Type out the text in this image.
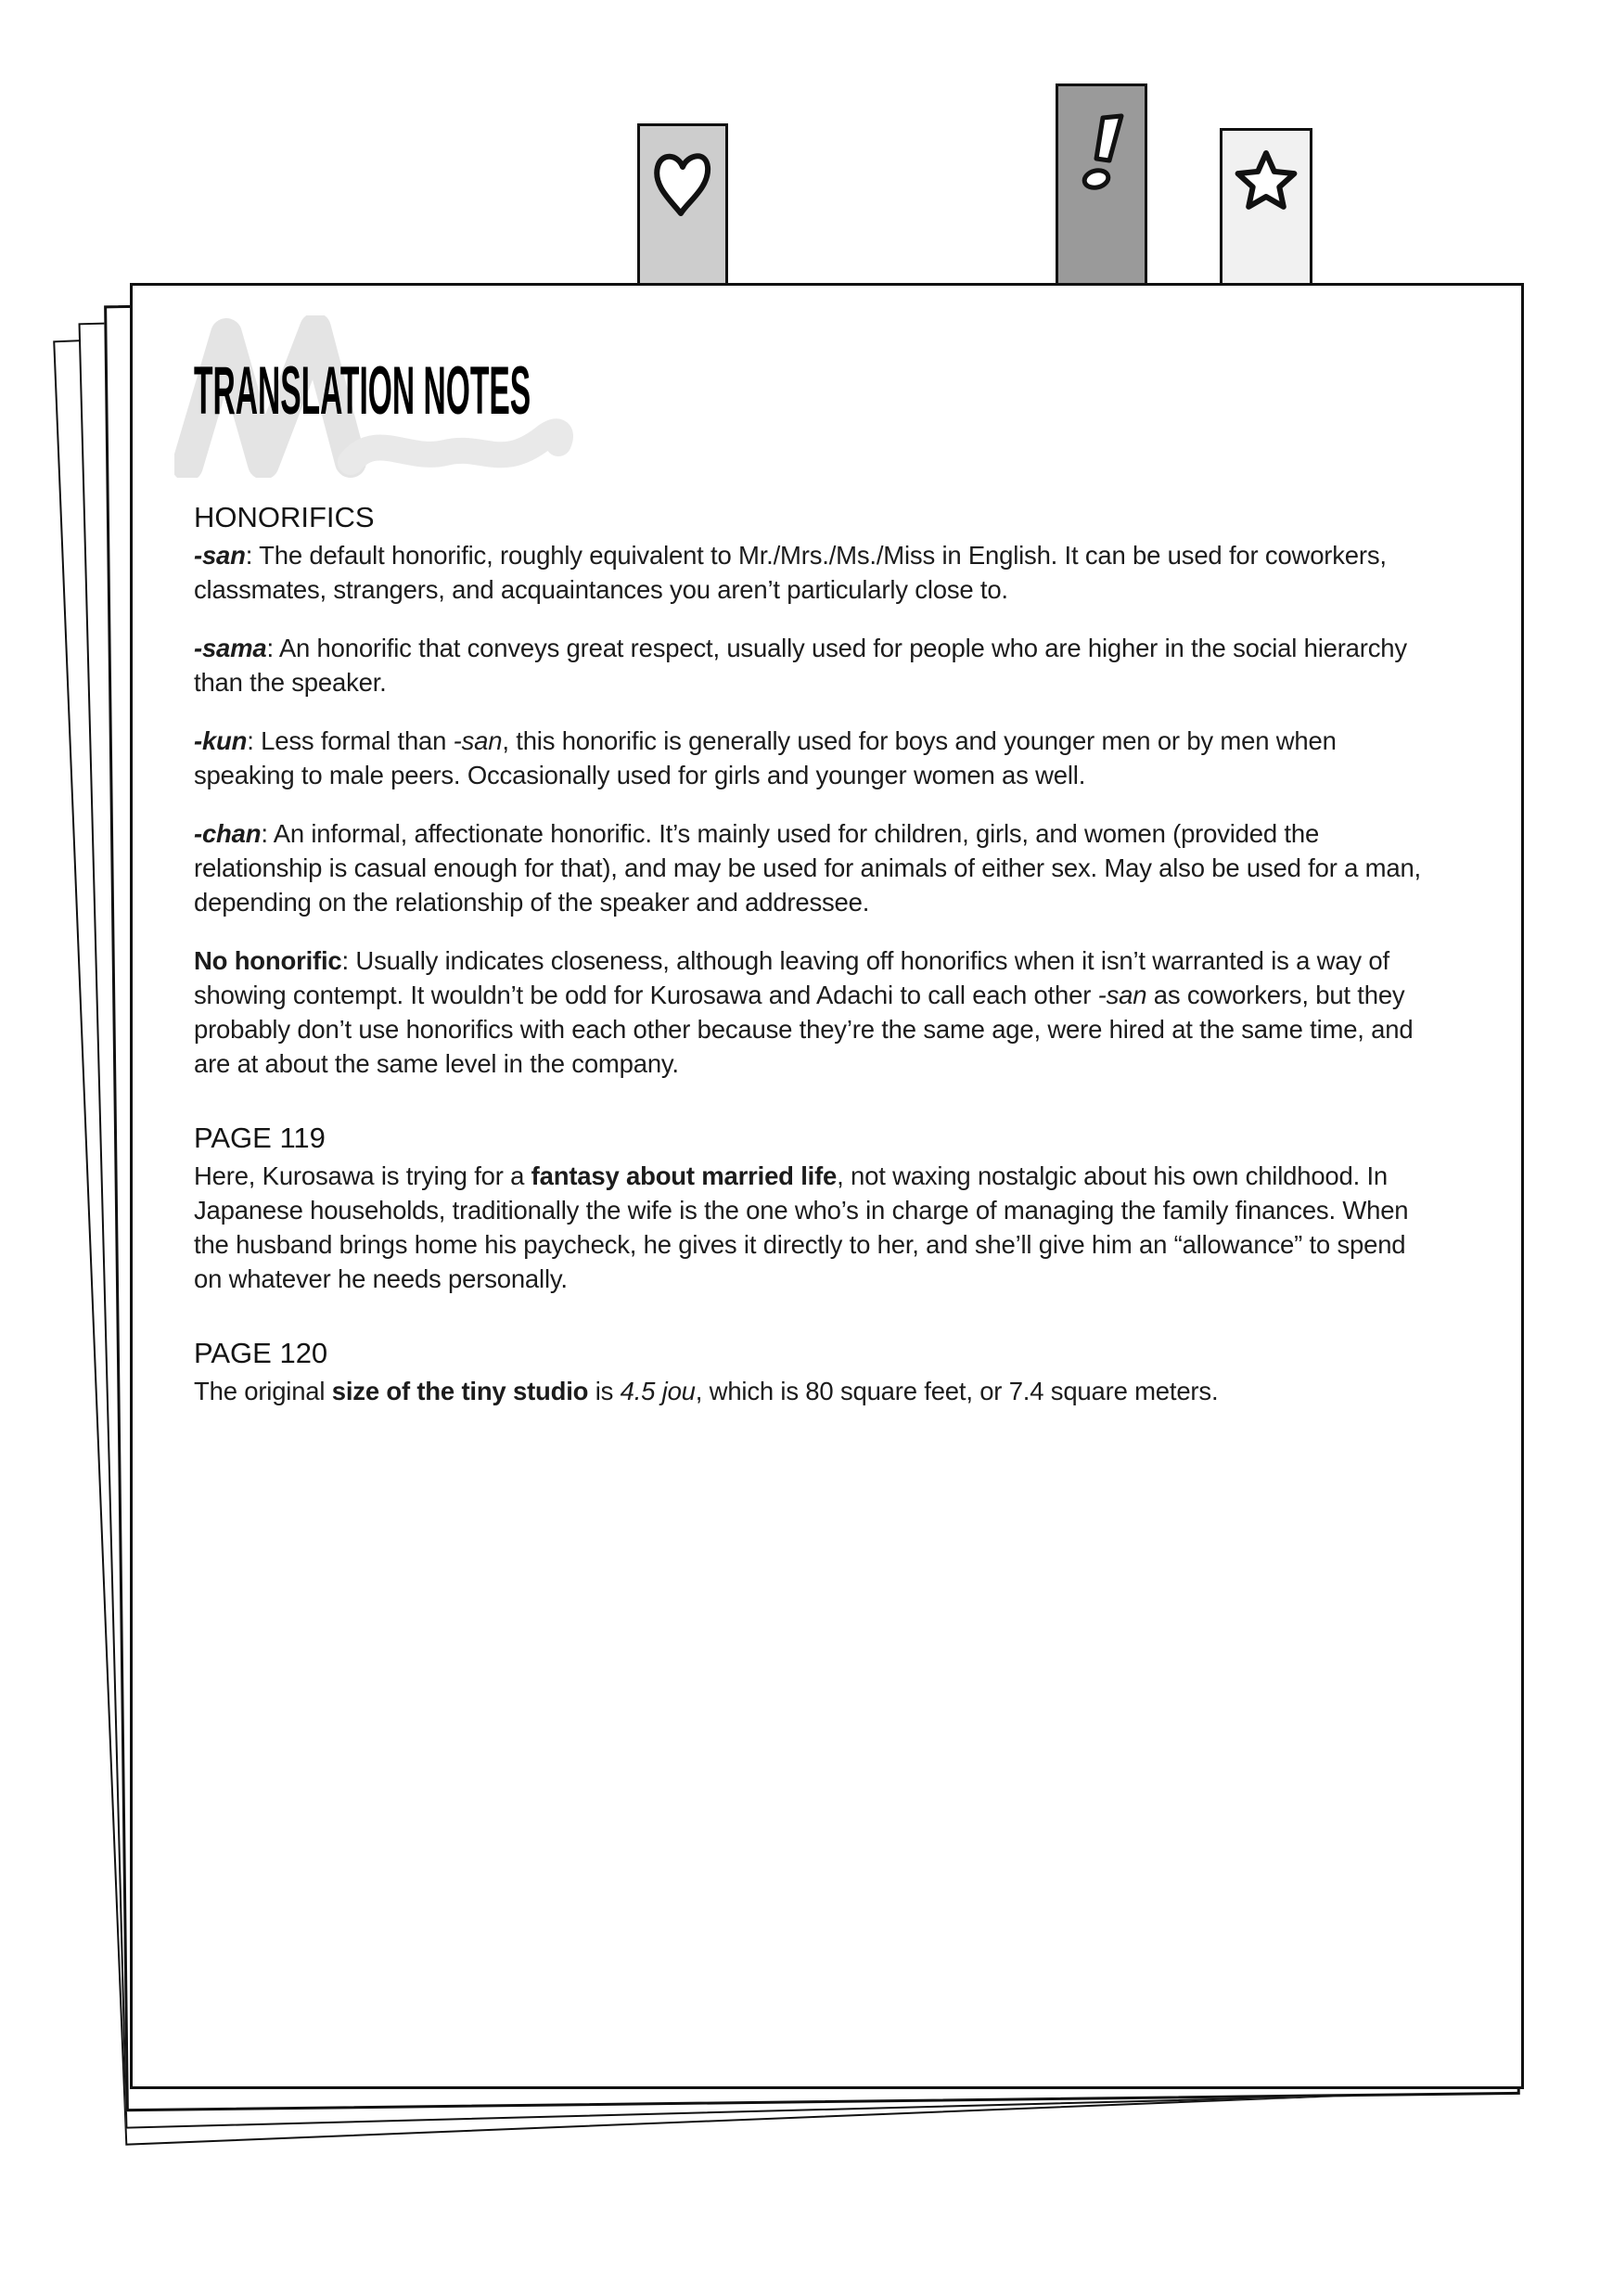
TRANSLATION NOTES
HONORIFICS

-san: The default honorific, roughly equivalent to Mr./Mrs./Ms./Miss in English. It can be used for coworkers, classmates, strangers, and acquaintances you aren’t particularly close to.

-sama: An honorific that conveys great respect, usually used for people who are higher in the social hierarchy than the speaker.

-kun: Less formal than -san, this honorific is generally used for boys and younger men or by men when speaking to male peers. Occasionally used for girls and younger women as well.

-chan: An informal, affectionate honorific. It’s mainly used for children, girls, and women (provided the relationship is casual enough for that), and may be used for animals of either sex. May also be used for a man, depending on the relationship of the speaker and addressee.

No honorific: Usually indicates closeness, although leaving off honorifics when it isn’t warranted is a way of showing contempt. It wouldn’t be odd for Kurosawa and Adachi to call each other -san as coworkers, but they probably don’t use honorifics with each other because they’re the same age, were hired at the same time, and are at about the same level in the company.

PAGE 119

Here, Kurosawa is trying for a fantasy about married life, not waxing nostalgic about his own childhood. In Japanese households, traditionally the wife is the one who’s in charge of managing the family finances. When the husband brings home his paycheck, he gives it directly to her, and she’ll give him an “allowance” to spend on whatever he needs personally.

PAGE 120

The original size of the tiny studio is 4.5 jou, which is 80 square feet, or 7.4 square meters.
